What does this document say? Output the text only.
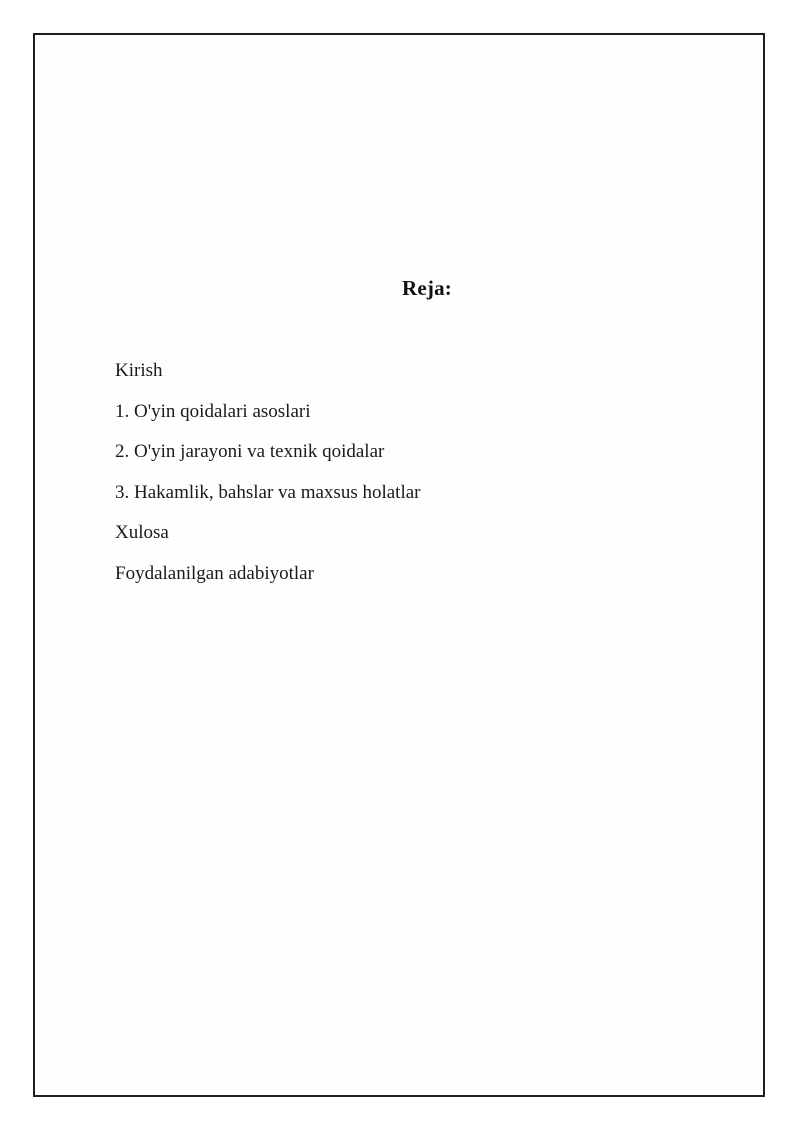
Reja:
Kirish
1. O'yin qoidalari asoslari
2. O'yin jarayoni va texnik qoidalar
3. Hakamlik, bahslar va maxsus holatlar
Xulosa
Foydalanilgan adabiyotlar
